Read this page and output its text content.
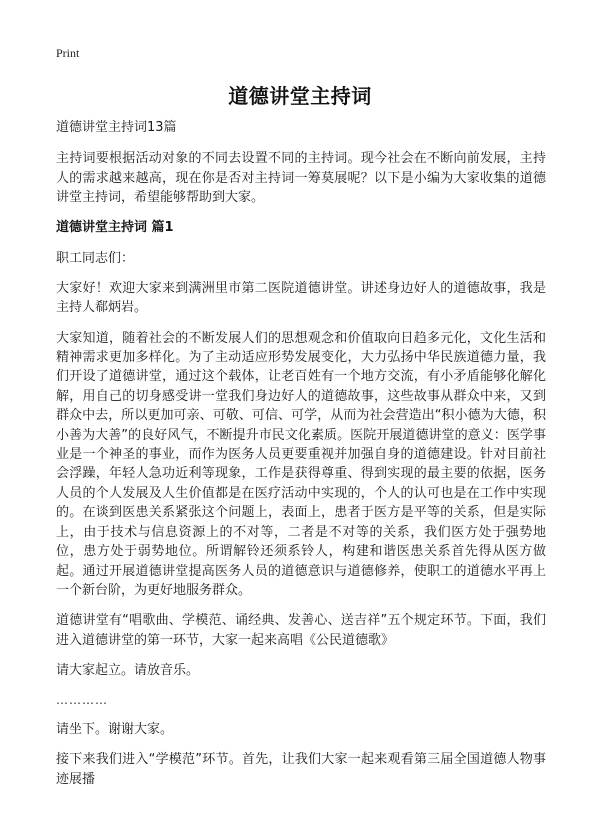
Print
道德讲堂主持词

道德讲堂主持词13篇

主持词要根据活动对象的不同去设置不同的主持词。现今社会在不断向前发展，主持人的需求越来越高，现在你是否对主持词一筹莫展呢？以下是小编为大家收集的道德讲堂主持词，希望能够帮助到大家。

道德讲堂主持词 篇1

职工同志们：

大家好！欢迎大家来到满洲里市第二医院道德讲堂。讲述身边好人的道德故事，我是主持人郗炳岩。

大家知道，随着社会的不断发展人们的思想观念和价值取向日趋多元化，文化生活和精神需求更加多样化。为了主动适应形势发展变化，大力弘扬中华民族道德力量，我们开设了道德讲堂，通过这个载体，让老百姓有一个地方交流，有小矛盾能够化解化解，用自己的切身感受讲一堂我们身边好人的道德故事，这些故事从群众中来，又到群众中去，所以更加可亲、可敬、可信、可学，从而为社会营造出“积小德为大德，积小善为大善”的良好风气，不断提升市民文化素质。医院开展道德讲堂的意义：医学事业是一个神圣的事业，而作为医务人员更要重视并加强自身的道德建设。针对目前社会浮躁，年轻人急功近利等现象，工作是获得尊重、得到实现的最主要的依据，医务人员的个人发展及人生价值都是在医疗活动中实现的，个人的认可也是在工作中实现的。在谈到医患关系紧张这个问题上，表面上，患者于医方是平等的关系，但是实际上，由于技术与信息资源上的不对等，二者是不对等的关系，我们医方处于强势地位，患方处于弱势地位。所谓解铃还须系铃人，构建和谐医患关系首先得从医方做起。通过开展道德讲堂提高医务人员的道德意识与道德修养，使职工的道德水平再上一个新台阶，为更好地服务群众。

道德讲堂有“唱歌曲、学模范、诵经典、发善心、送吉祥”五个规定环节。下面，我们进入道德讲堂的第一环节，大家一起来高唱《公民道德歌》

请大家起立。请放音乐。

…………

请坐下。谢谢大家。

接下来我们进入“学模范”环节。首先，让我们大家一起来观看第三届全国道德人物事迹展播
